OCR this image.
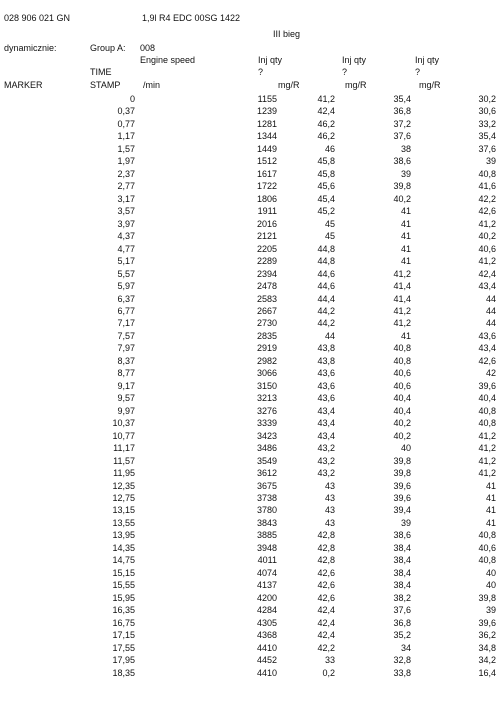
028 906 021 GN	1,9l R4 EDC 00SG 1422
III bieg
dynamicznie:	Group A: 008
Engine speed	Inj qty	Inj qty	Inj qty
TIME	?	?	?
MARKER	STAMP	/min	mg/R	mg/R	mg/R
0	1155	41,2	35,4	30,2
0,37	1239	42,4	36,8	30,6
0,77	1281	46,2	37,2	33,2
1,17	1344	46,2	37,6	35,4
1,57	1449	46	38	37,6
1,97	1512	45,8	38,6	39
2,37	1617	45,8	39	40,8
2,77	1722	45,6	39,8	41,6
3,17	1806	45,4	40,2	42,2
3,57	1911	45,2	41	42,6
3,97	2016	45	41	41,2
4,37	2121	45	41	40,2
4,77	2205	44,8	41	40,6
5,17	2289	44,8	41	41,2
5,57	2394	44,6	41,2	42,4
5,97	2478	44,6	41,4	43,4
6,37	2583	44,4	41,4	44
6,77	2667	44,2	41,2	44
7,17	2730	44,2	41,2	44
7,57	2835	44	41	43,6
7,97	2919	43,8	40,8	43,4
8,37	2982	43,8	40,8	42,6
8,77	3066	43,6	40,6	42
9,17	3150	43,6	40,6	39,6
9,57	3213	43,6	40,4	40,4
9,97	3276	43,4	40,4	40,8
10,37	3339	43,4	40,2	40,8
10,77	3423	43,4	40,2	41,2
11,17	3486	43,2	40	41,2
11,57	3549	43,2	39,8	41,2
11,95	3612	43,2	39,8	41,2
12,35	3675	43	39,6	41
12,75	3738	43	39,6	41
13,15	3780	43	39,4	41
13,55	3843	43	39	41
13,95	3885	42,8	38,6	40,8
14,35	3948	42,8	38,4	40,6
14,75	4011	42,8	38,4	40,8
15,15	4074	42,6	38,4	40
15,55	4137	42,6	38,4	40
15,95	4200	42,6	38,2	39,8
16,35	4284	42,4	37,6	39
16,75	4305	42,4	36,8	39,6
17,15	4368	42,4	35,2	36,2
17,55	4410	42,2	34	34,8
17,95	4452	33	32,8	34,2
18,35	4410	0,2	33,8	16,4
